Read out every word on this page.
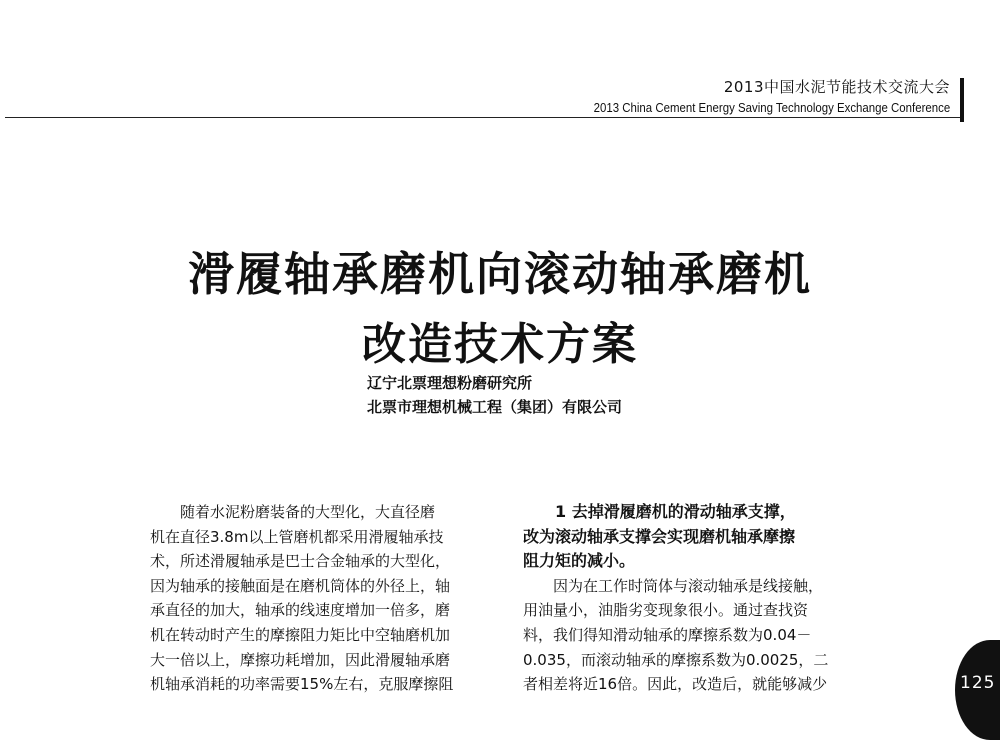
2013中国水泥节能技术交流大会
2013 China Cement Energy Saving Technology Exchange Conference
滑履轴承磨机向滚动轴承磨机
改造技术方案
辽宁北票理想粉磨研究所
北票市理想机械工程（集团）有限公司

随着水泥粉磨装备的大型化，大直径磨

机在直径3.8m以上管磨机都采用滑履轴承技

术，所述滑履轴承是巴士合金轴承的大型化，

因为轴承的接触面是在磨机筒体的外径上，轴

承直径的加大，轴承的线速度增加一倍多，磨

机在转动时产生的摩擦阻力矩比中空轴磨机加

大一倍以上，摩擦功耗增加，因此滑履轴承磨

机轴承消耗的功率需要15%左右，克服摩擦阻

1 去掉滑履磨机的滑动轴承支撑，

改为滚动轴承支撑会实现磨机轴承摩擦

阻力矩的减小。

因为在工作时筒体与滚动轴承是线接触，

用油量小，油脂劣变现象很小。通过查找资

料，我们得知滑动轴承的摩擦系数为0.04－

0.035，而滚动轴承的摩擦系数为0.0025，二

者相差将近16倍。因此，改造后，就能够减少	125
